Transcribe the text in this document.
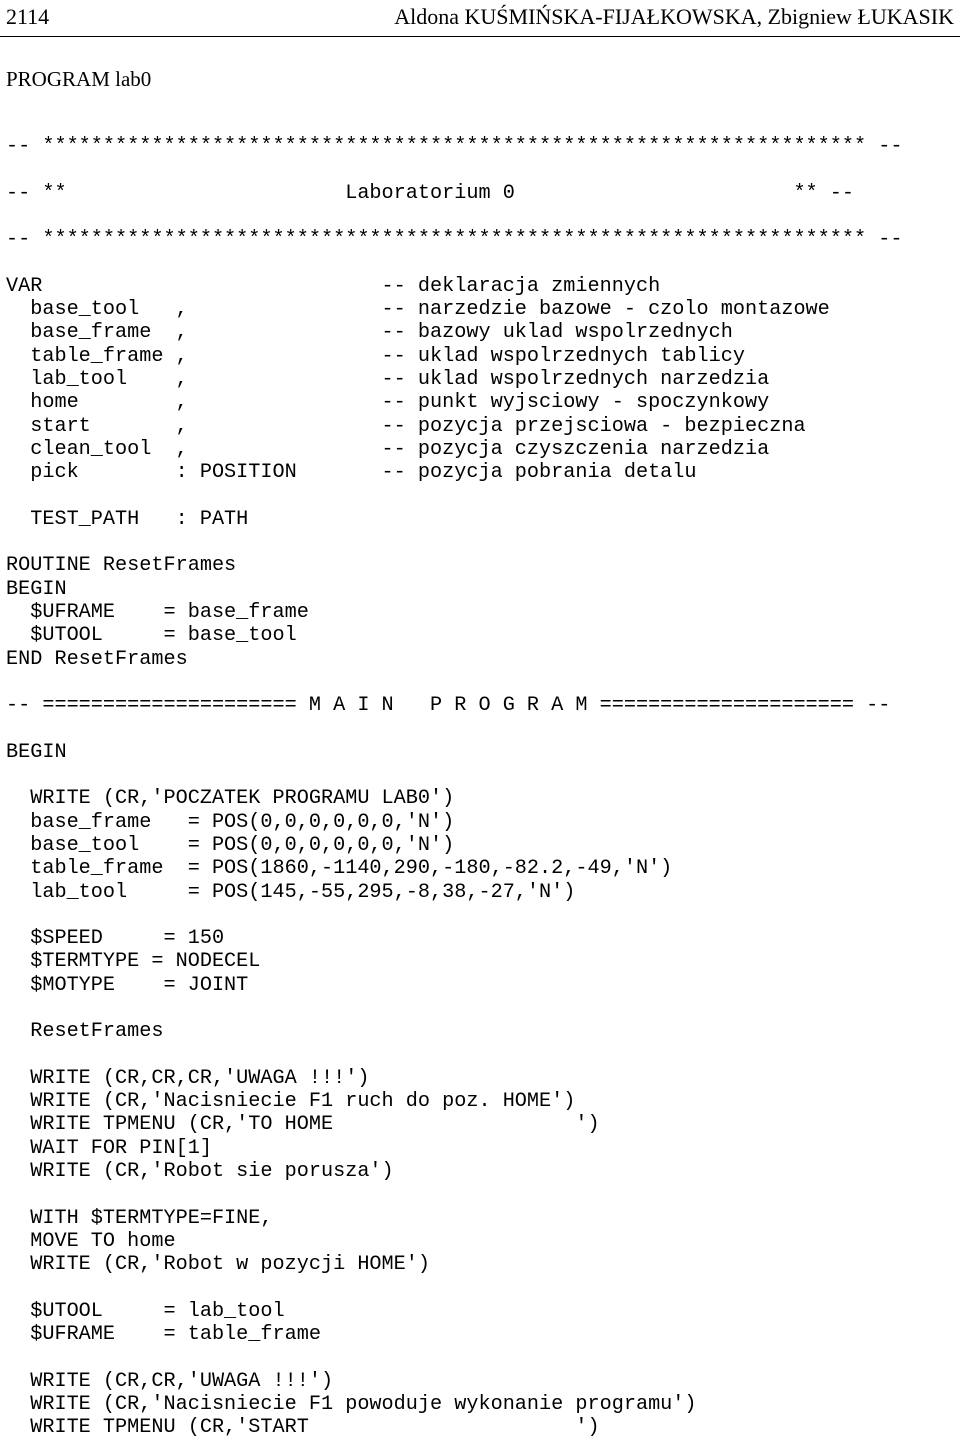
2114	Aldona KUŚMIŃSKA-FIJAŁKOWSKA, Zbigniew ŁUKASIK
PROGRAM lab0
-- ******************************************************************** --
-- **                       Laboratorium 0                       ** --
-- ******************************************************************** --
VAR                            -- deklaracja zmiennych
base_tool   ,                -- narzedzie bazowe - czolo montazowe
base_frame  ,                -- bazowy uklad wspolrzednych
table_frame ,                -- uklad wspolrzednych tablicy
lab_tool    ,                -- uklad wspolrzednych narzedzia
home        ,                -- punkt wyjsciowy - spoczynkowy
start       ,                -- pozycja przejsciowa - bezpieczna
clean_tool  ,                -- pozycja czyszczenia narzedzia
pick        : POSITION       -- pozycja pobrania detalu
TEST_PATH   : PATH
ROUTINE ResetFrames
BEGIN
$UFRAME    = base_frame
$UTOOL     = base_tool
END ResetFrames
-- ===================== M A I N   P R O G R A M ===================== --
BEGIN
WRITE (CR,'POCZATEK PROGRAMU LAB0')
base_frame   = POS(0,0,0,0,0,0,'N')
base_tool    = POS(0,0,0,0,0,0,'N')
table_frame  = POS(1860,-1140,290,-180,-82.2,-49,'N')
lab_tool     = POS(145,-55,295,-8,38,-27,'N')
$SPEED     = 150
$TERMTYPE = NODECEL
$MOTYPE    = JOINT
ResetFrames
WRITE (CR,CR,CR,'UWAGA !!!')
WRITE (CR,'Nacisniecie F1 ruch do poz. HOME')
WRITE TPMENU (CR,'TO HOME                    ')
WAIT FOR PIN[1]
WRITE (CR,'Robot sie porusza')
WITH $TERMTYPE=FINE,
MOVE TO home
WRITE (CR,'Robot w pozycji HOME')
$UTOOL     = lab_tool
$UFRAME    = table_frame
WRITE (CR,CR,'UWAGA !!!')
WRITE (CR,'Nacisniecie F1 powoduje wykonanie programu')
WRITE TPMENU (CR,'START                      ')
